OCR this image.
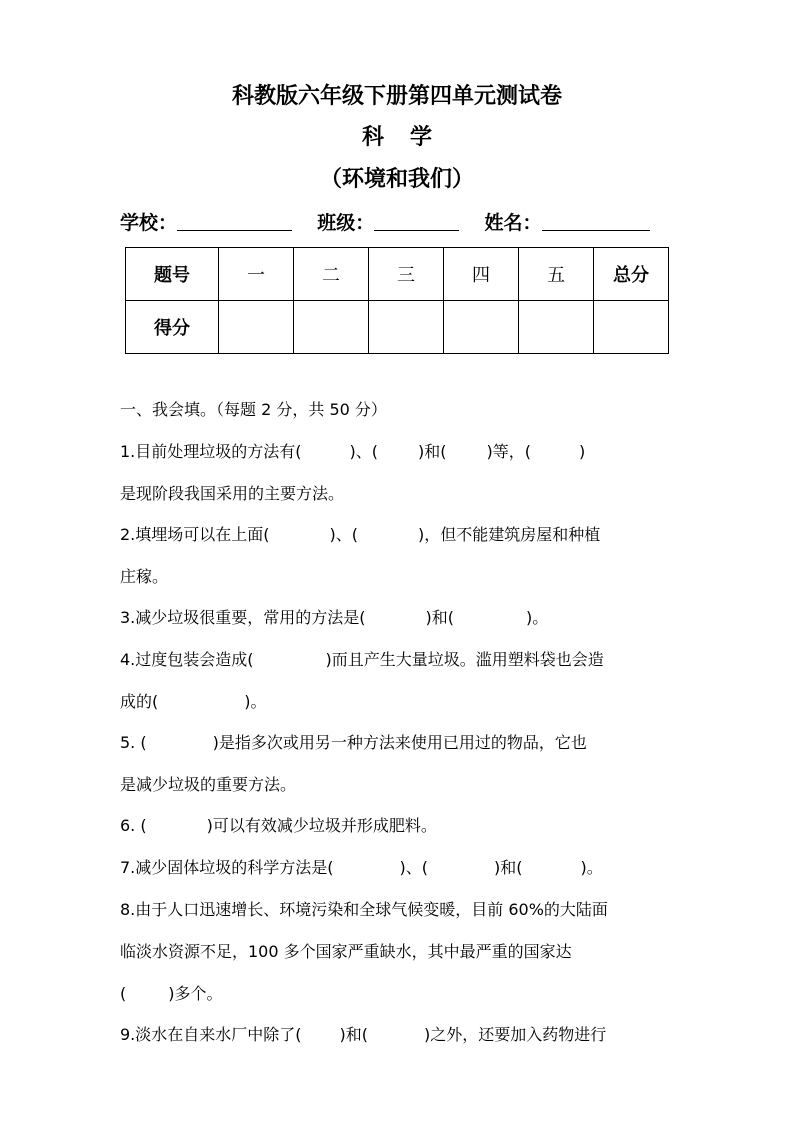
科教版六年级下册第四单元测试卷
科学
（环境和我们）
学校：	班级：	姓名：
题号	一	二	三	四	五	总分
得分						
一、我会填。（每题 2 分，共 50 分）
1.目前处理垃圾的方法有(	)、(	)和(	)等，(	)
是现阶段我国采用的主要方法。
2.填埋场可以在上面(	)、(	)，但不能建筑房屋和种植
庄稼。
3.减少垃圾很重要，常用的方法是(	)和(	)。
4.过度包装会造成(	)而且产生大量垃圾。滥用塑料袋也会造
成的(	)。
5. (	)是指多次或用另一种方法来使用已用过的物品，它也
是减少垃圾的重要方法。
6. (	)可以有效减少垃圾并形成肥料。
7.减少固体垃圾的科学方法是(	)、(	)和(	)。
8.由于人口迅速增长、环境污染和全球气候变暖，目前 60%的大陆面
临淡水资源不足，100 多个国家严重缺水，其中最严重的国家达
(	)多个。
9.淡水在自来水厂中除了( )和(	)之外，还要加入药物进行
